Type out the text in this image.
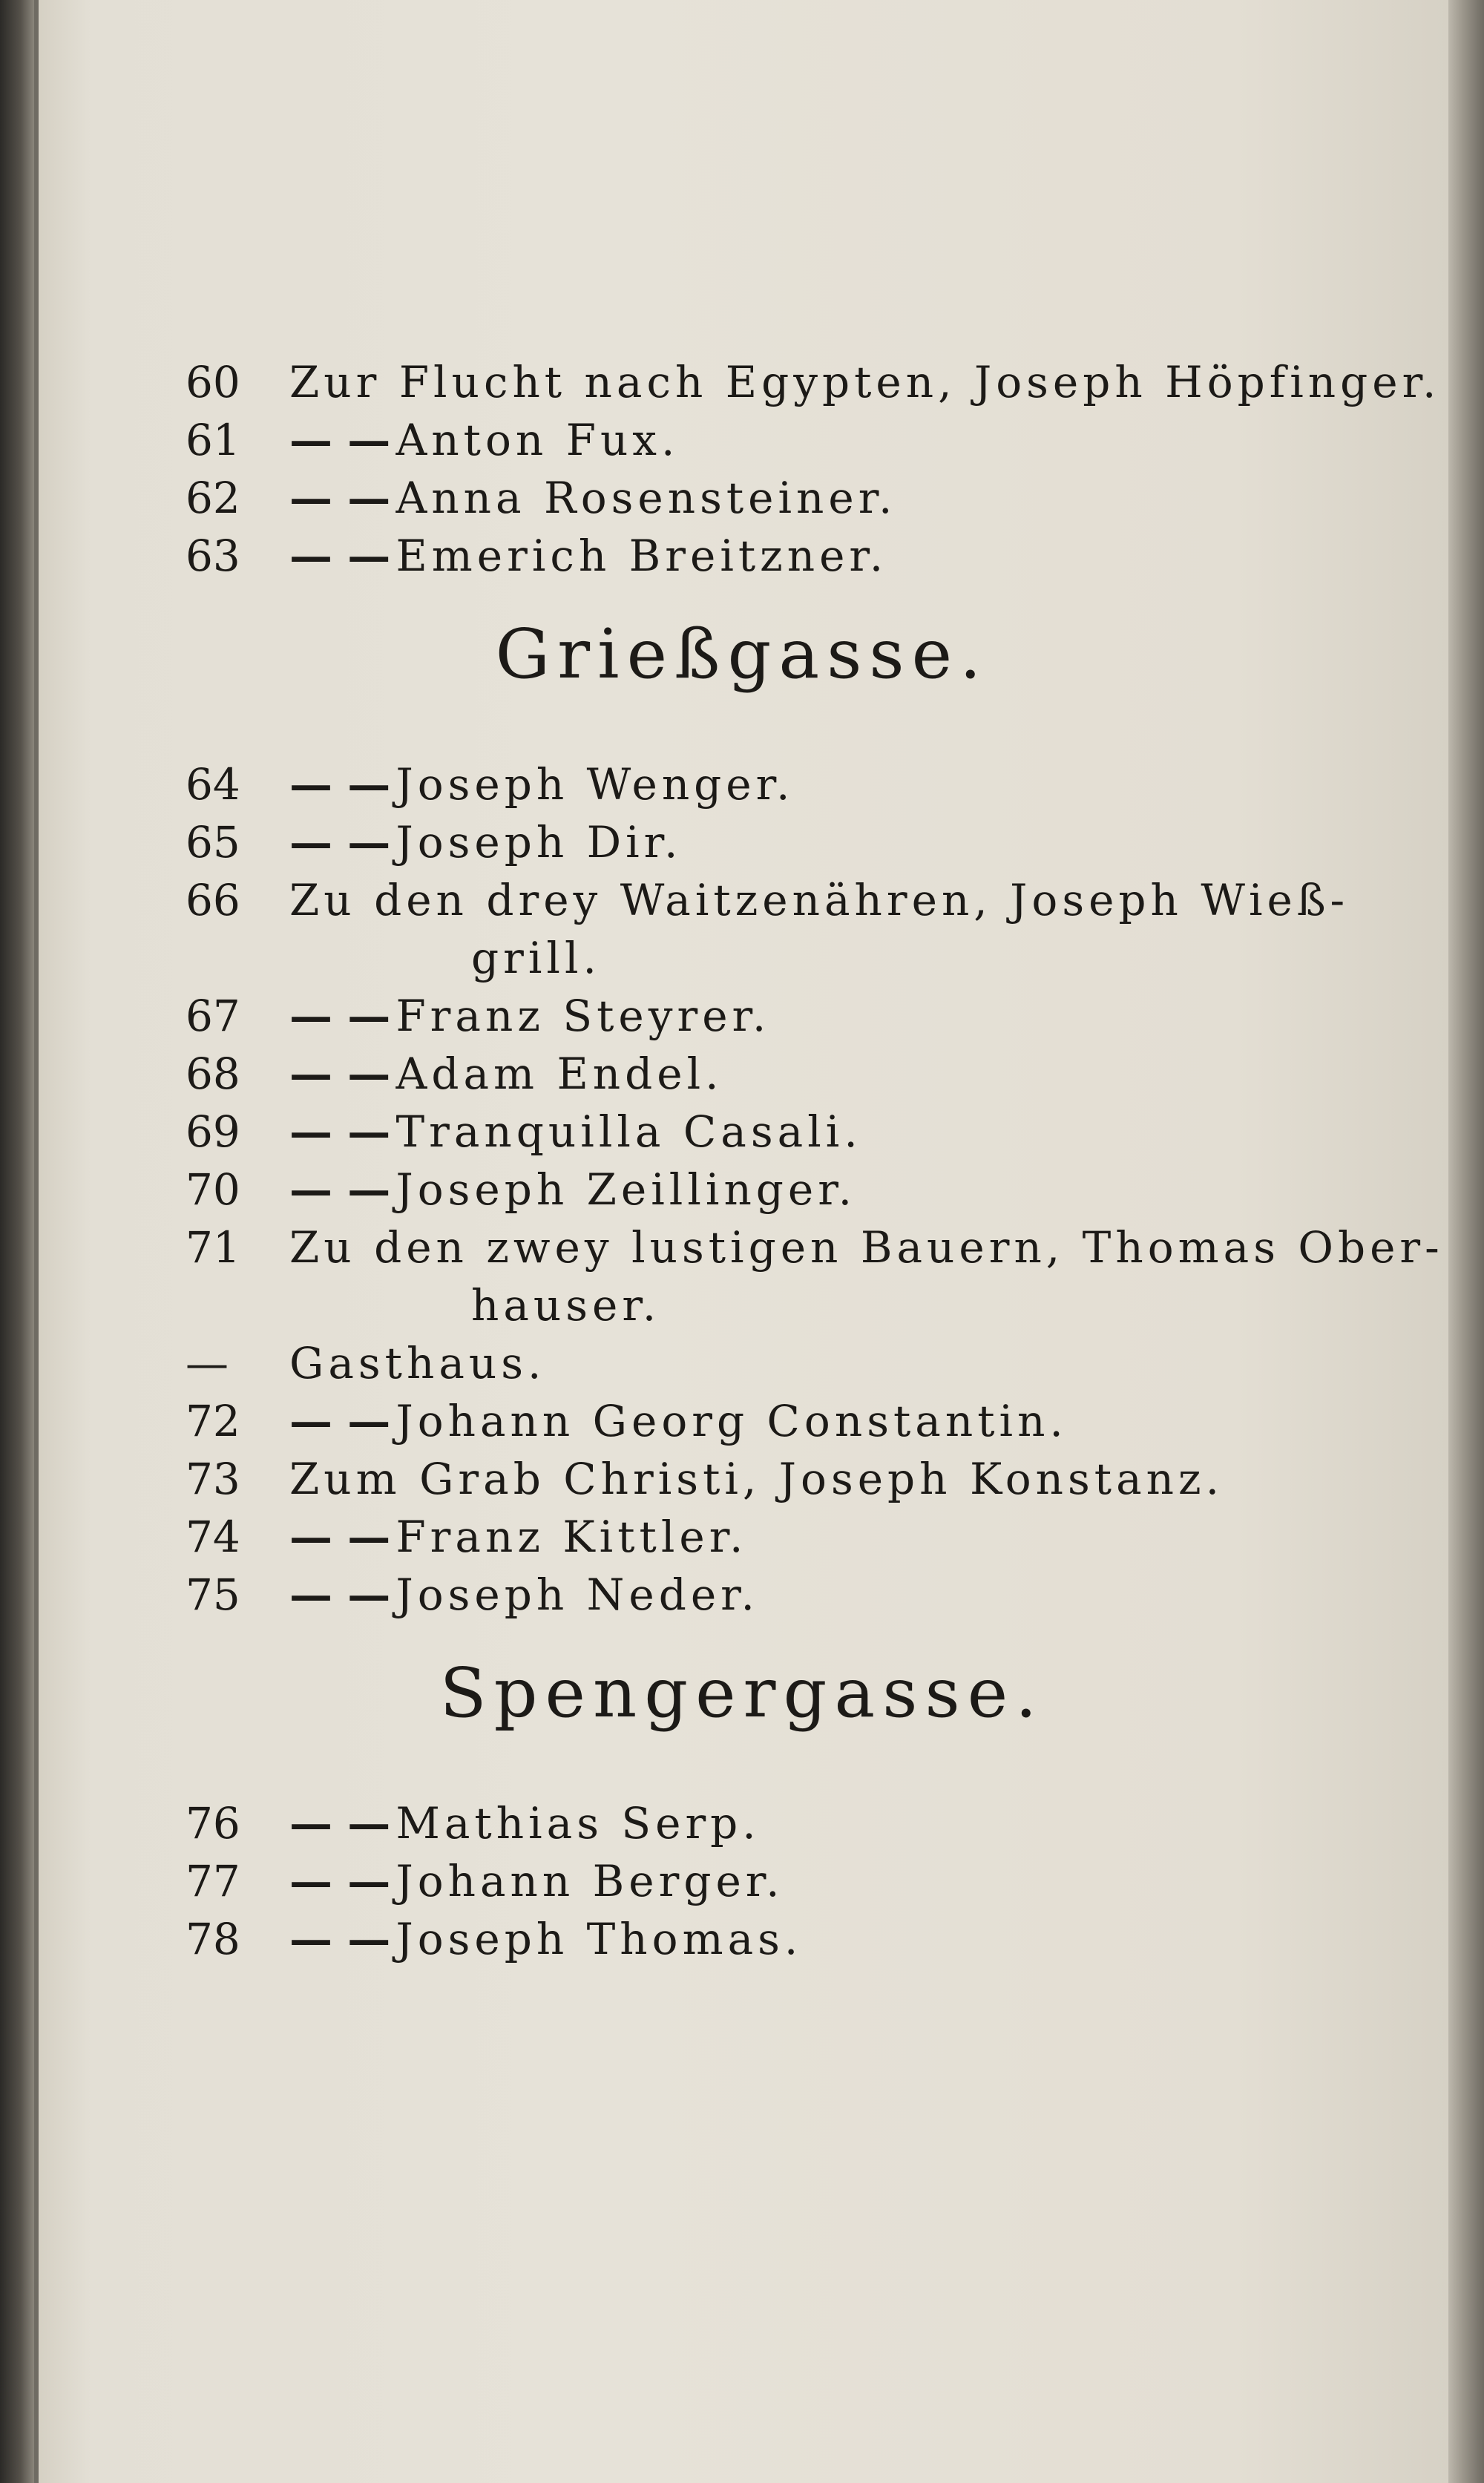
60 Zur Flucht nach Egypten, Joseph Höpfinger.
61 — — Anton Fux.
62 — — Anna Rosensteiner.
63 — — Emerich Breitzner.
Grießgasse.
64 — — Joseph Wenger.
65 — — Joseph Dir.
66 Zu den drey Waitzenähren, Joseph Wieß-
grill.
67 — — Franz Steyrer.
68 — — Adam Endel.
69 — — Tranquilla Casali.
70 — — Joseph Zeillinger.
71 Zu den zwey lustigen Bauern, Thomas Ober-
hauser.
— Gasthaus.
72 — — Johann Georg Constantin.
73 Zum Grab Christi, Joseph Konstanz.
74 — — Franz Kittler.
75 — — Joseph Neder.
Spengergasse.
76 — — Mathias Serp.
77 — — Johann Berger.
78 — — Joseph Thomas.
